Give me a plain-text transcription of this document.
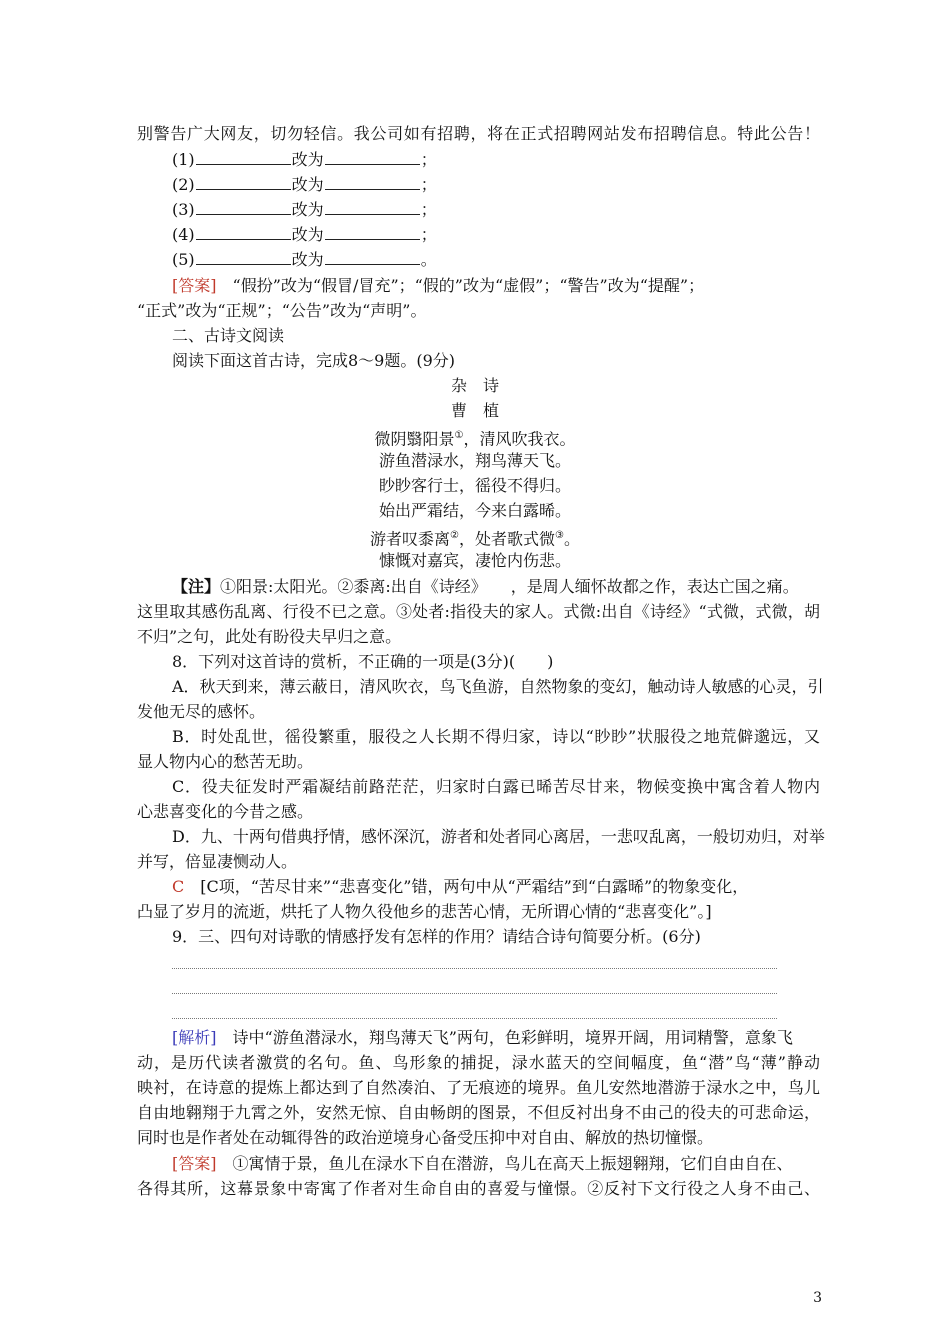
别警告广大网友，切勿轻信。我公司如有招聘，将在正式招聘网站发布招聘信息。特此公告！
(1)	改为	；
(2)	改为	；
(3)	改为	；
(4)	改为	；
(5)	改为	。
[答案]　 “假扮”改为“假冒/冒充”；“假的”改为“虚假”；“警告”改为“提醒”；
“正式”改为“正规”；“公告”改为“声明”。
二、古诗文阅读
阅读下面这首古诗，完成8～9题。(9分)
杂　诗
曹　植
微阴翳阳景①，清风吹我衣。
游鱼潜渌水，翔鸟薄天飞。
眇眇客行士，徭役不得归。
始出严霜结，今来白露晞。
游者叹黍离②，处者歌式微③。
慷慨对嘉宾，凄怆内伤悲。
【注】①阳景:太阳光。②黍离:出自《诗经》　　，是周人缅怀故都之作，表达亡国之痛。
这里取其感伤乱离、行役不已之意。③处者:指役夫的家人。式微:出自《诗经》“式微，式微，胡
不归”之句，此处有盼役夫早归之意。
8．下列对这首诗的赏析，不正确的一项是(3分)(　　)
A．秋天到来，薄云蔽日，清风吹衣，鸟飞鱼游，自然物象的变幻，触动诗人敏感的心灵，引
发他无尽的感怀。
B．时处乱世，徭役繁重，服役之人长期不得归家，诗以“眇眇”状服役之地荒僻邈远，又
显人物内心的愁苦无助。
C．役夫征发时严霜凝结前路茫茫，归家时白露已晞苦尽甘来，物候变换中寓含着人物内
心悲喜变化的今昔之感。
D．九、十两句借典抒情，感怀深沉，游者和处者同心离居，一悲叹乱离，一般切劝归，对举
并写，倍显凄恻动人。
C　 [C项，“苦尽甘来”“悲喜变化”错，两句中从“严霜结”到“白露晞”的物象变化，
凸显了岁月的流逝，烘托了人物久役他乡的悲苦心情，无所谓心情的“悲喜变化”。]
9．三、四句对诗歌的情感抒发有怎样的作用？请结合诗句简要分析。(6分)
[解析]　 诗中“游鱼潜渌水，翔鸟薄天飞”两句，色彩鲜明，境界开阔，用词精警，意象飞
动，是历代读者激赏的名句。鱼、鸟形象的捕捉，渌水蓝天的空间幅度，鱼“潜”鸟“薄”静动
映衬，在诗意的提炼上都达到了自然凑泊、了无痕迹的境界。鱼儿安然地潜游于渌水之中，鸟儿
自由地翱翔于九霄之外，安然无惊、自由畅朗的图景，不但反衬出身不由己的役夫的可悲命运，
同时也是作者处在动辄得咎的政治逆境身心备受压抑中对自由、解放的热切憧憬。
[答案]　 ①寓情于景，鱼儿在渌水下自在潜游，鸟儿在高天上振翅翱翔，它们自由自在、
各得其所，这幕景象中寄寓了作者对生命自由的喜爱与憧憬。②反衬下文行役之人身不由己、
3
